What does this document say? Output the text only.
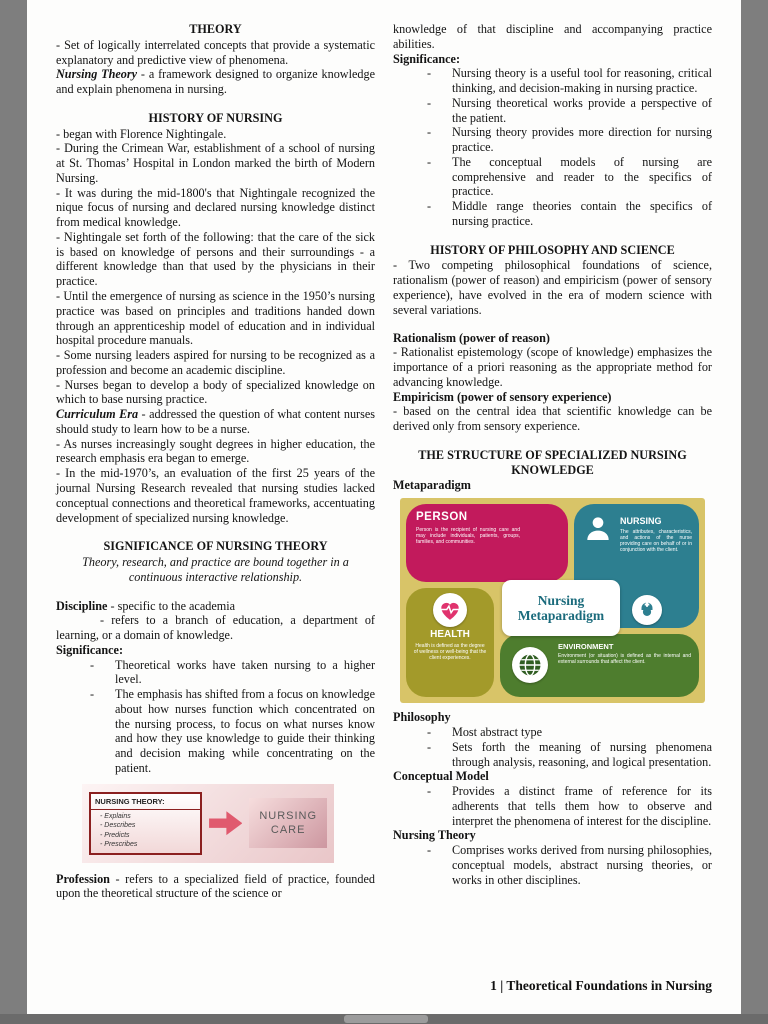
THEORY
- Set of logically interrelated concepts that provide a systematic explanatory and predictive view of phenomena.
Nursing Theory - a framework designed to organize knowledge and explain phenomena in nursing.
HISTORY OF NURSING
- began with Florence Nightingale.
- During the Crimean War, establishment of a school of nursing at St. Thomas’ Hospital in London marked the birth of Modern Nursing.
- It was during the mid-1800's that Nightingale recognized the nique focus of nursing and declared nursing knowledge distinct from medical knowledge.
- Nightingale set forth of the following: that the care of the sick is based on knowledge of persons and their surroundings - a different knowledge than that used by the physicians in their practice.
- Until the emergence of nursing as science in the 1950’s nursing practice was based on principles and traditions handed down through an apprenticeship model of education and in individual hospital procedure manuals.
- Some nursing leaders aspired for nursing to be recognized as a profession and become an academic discipline.
- Nurses began to develop a body of specialized knowledge on which to base nursing practice.
Curriculum Era - addressed the question of what content nurses should study to learn how to be a nurse.
- As nurses increasingly sought degrees in higher education, the research emphasis era began to emerge.
- In the mid-1970’s, an evaluation of the first 25 years of the journal Nursing Research revealed that nursing studies lacked conceptual connections and theoretical frameworks, accentuating development of specialized nursing knowledge.
SIGNIFICANCE OF NURSING THEORY
Theory, research, and practice are bound together in a continuous interactive relationship.
Discipline - specific to the academia
- refers to a branch of education, a department of learning, or a domain of knowledge.
Significance:
-	Theoretical works have taken nursing to a higher level.
-	The emphasis has shifted from a focus on knowledge about how nurses function which concentrated on the nursing process, to focus on what nurses know and how they use knowledge to guide their thinking and decision making while concentrating on the patient.
NURSING THEORY:
- Explains
- Describes
- Predicts
- Prescribes
NURSING CARE
Profession - refers to a specialized field of practice, founded upon the theoretical structure of the science or
knowledge of that discipline and accompanying practice abilities.
Significance:
-	Nursing theory is a useful tool for reasoning, critical thinking, and decision-making in nursing practice.
-	Nursing theoretical works provide a perspective of the patient.
-	Nursing theory provides more direction for nursing practice.
-	The conceptual models of nursing are comprehensive and reader to the specifics of practice.
-	Middle range theories contain the specifics of nursing practice.
HISTORY OF PHILOSOPHY AND SCIENCE
- Two competing philosophical foundations of science, rationalism (power of reason) and empiricism (power of sensory experience), have evolved in the era of modern science with several variations.
Rationalism (power of reason)
- Rationalist epistemology (scope of knowledge) emphasizes the importance of a priori reasoning as the appropriate method for advancing knowledge.
Empiricism (power of sensory experience)
- based on the central idea that scientific knowledge can be derived only from sensory experience.
THE STRUCTURE OF SPECIALIZED NURSING KNOWLEDGE
Metaparadigm
PERSON
Person is the recipient of nursing care and may include individuals, patients, groups, families, and communities.
NURSING
The attributes, characteristics, and actions of the nurse providing care on behalf of or in conjunction with the client.
HEALTH
Health is defined as the degree of wellness or well-being that the client experiences.
ENVIRONMENT
Environment (or situation) is defined as the internal and external surrounds that affect the client.
Nursing Metaparadigm
Philosophy
-	Most abstract type
-	Sets forth the meaning of nursing phenomena through analysis, reasoning, and logical presentation.
Conceptual Model
-	Provides a distinct frame of reference for its adherents that tells them how to observe and interpret the phenomena of interest for the discipline.
Nursing Theory
-	Comprises works derived from nursing philosophies, conceptual models, abstract nursing theories, or works in other disciplines.
1 | Theoretical Foundations in Nursing
